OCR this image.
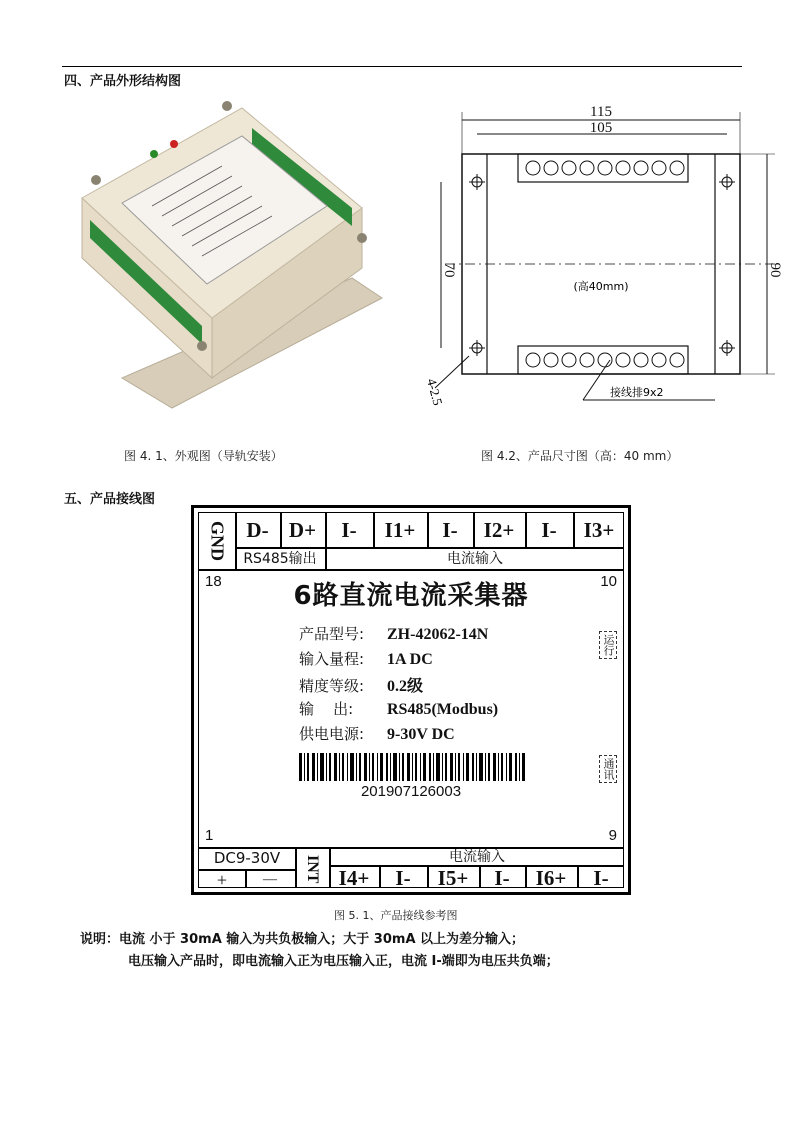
四、产品外形结构图
115
105
70	90
(高40mm)
4-2.5	接线排9x2
图 4. 1、外观图（导轨安装）	图 4.2、产品尺寸图（高：40 mm）
五、产品接线图
GND D- D+	I-	I1+	I-	I2+	I-	I3+
RS485输出	电流输入
18	10
6路直流电流采集器
产品型号: ZH-42062-14N
输入量程: 1A DC
精度等级: 0.2级
输    出: RS485(Modbus)
供电电源: 9-30V DC
201907126003
运行
通讯
1	9
DC9-30V
+	—	INT	电流输入
I4+	I-	I5+	I-	I6+	I-
图 5. 1、产品接线参考图
说明：电流 小于 30mA 输入为共负极输入；大于 30mA 以上为差分输入；
电压输入产品时，即电流输入正为电压输入正，电流 I-端即为电压共负端；
